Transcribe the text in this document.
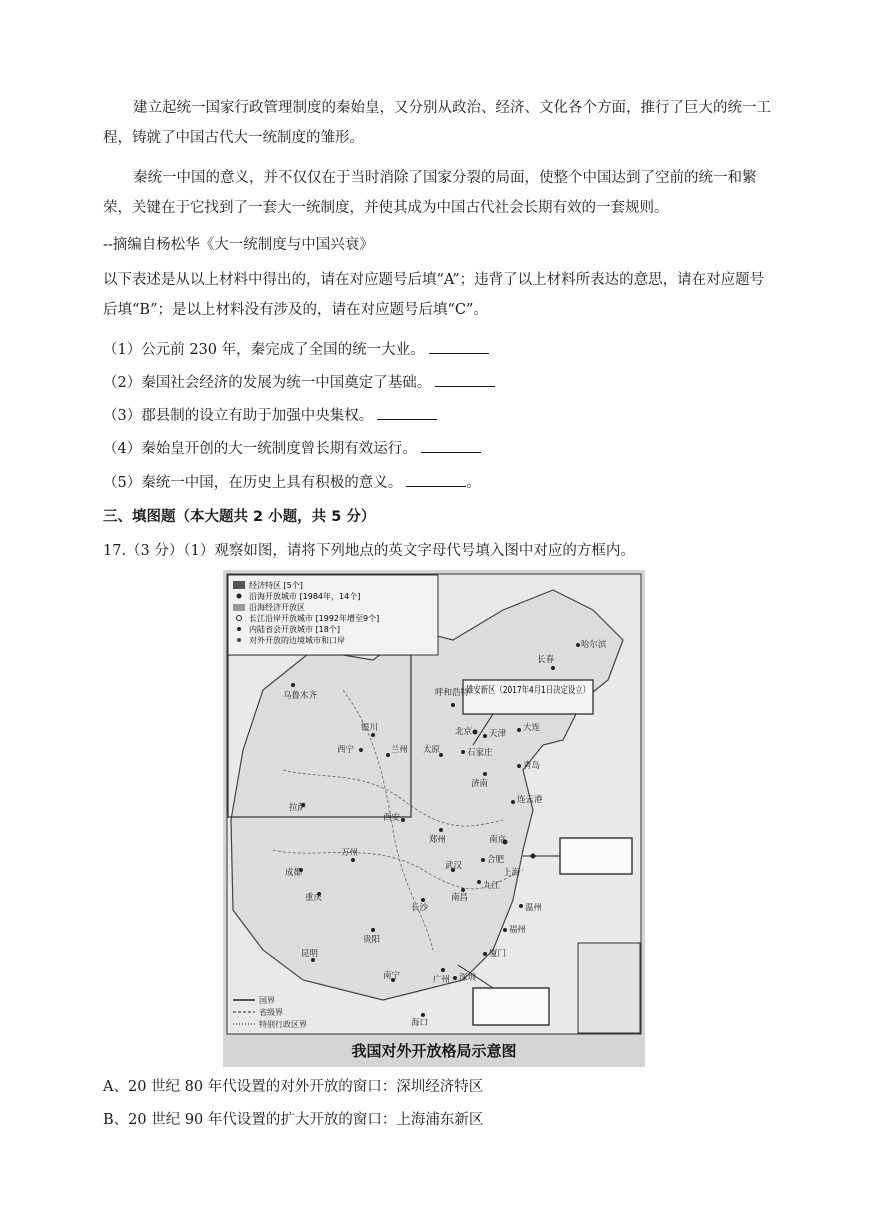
建立起统一国家行政管理制度的秦始皇，又分别从政治、经济、文化各个方面，推行了巨大的统一工程，铸就了中国古代大一统制度的雏形。

秦统一中国的意义，并不仅仅在于当时消除了国家分裂的局面，使整个中国达到了空前的统一和繁荣，关键在于它找到了一套大一统制度，并使其成为中国古代社会长期有效的一套规则。

--摘编自杨松华《大一统制度与中国兴衰》

以下表述是从以上材料中得出的，请在对应题号后填“A”；违背了以上材料所表达的意思，请在对应题号后填“B”；是以上材料没有涉及的，请在对应题号后填“C”。

（1）公元前 230 年，秦完成了全国的统一大业。

（2）秦国社会经济的发展为统一中国奠定了基础。

（3）郡县制的设立有助于加强中央集权。

（4）秦始皇开创的大一统制度曾长期有效运行。

（5）秦统一中国，在历史上具有积极的意义。	。

三、填图题（本大题共 2 小题，共 5 分）

17.（3 分）（1）观察如图，请将下列地点的英文字母代号填入图中对应的方框内。

经济特区 [5个]
沿海开放城市 [1984年，14个]
沿海经济开放区
长江沿岸开放城市 [1992年增至9个]
内陆省会开放城市 [18个]
对外开放的边境城市和口岸
雄安新区（2017年4月1日决定设立）
哈尔滨
长春
乌鲁木齐	呼和浩特
北京 天津
大连
银川
兰州
西宁	太原	石家庄
济南
青岛
拉萨
西安
郑州
连云港
南京
成都
重庆
万州
武汉
合肥
上海
贵阳
长沙
南昌
九江
温州
昆明
南宁
福州
厦门
广州
海口
深圳
国界
省级界
特别行政区界
我国对外开放格局示意图

A、20 世纪 80 年代设置的对外开放的窗口：深圳经济特区

B、20 世纪 90 年代设置的扩大开放的窗口：上海浦东新区
